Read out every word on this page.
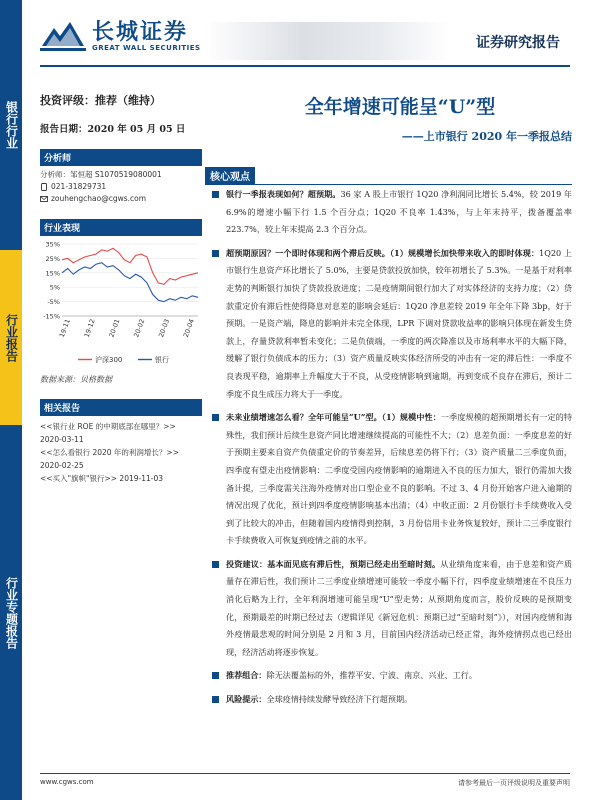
银行行业
行业报告
行业专题报告
长城证券
GREAT WALL SECURITIES	证券研究报告
投资评级：推荐（维持）
报告日期：2020 年 05 月 05 日
分析师
分析师：邹恒超 S1070519080001
021-31829731
zouhengchao@cgws.com
行业表现
35%
25%
15%
5%
-5%
-15%
19-11 19-12 20-01 20-02 20-03 20-04
沪深300	银行
数据来源：贝格数据
相关报告
<<银行业 ROE 的中期底部在哪里？>>
2020-03-11
<<怎么看银行 2020 年的利润增长？>>
2020-02-25
<<买入"旗帜"银行>> 2019-11-03
全年增速可能呈“U”型
——上市银行 2020 年一季报总结
核心观点
银行一季报表现如何？超预期。36 家 A 股上市银行 1Q20 净利润同比增长 5.4%，较 2019 年 6.9%的增速小幅下行 1.5 个百分点；1Q20 不良率 1.43%，与上年末持平，拨备覆盖率 223.7%，较上年末提高 2.3 个百分点。
超预期原因？一个即时体现和两个滞后反映。（1）规模增长加快带来收入的即时体现：1Q20 上市银行生息资产环比增长了 5.0%，主要是贷款投放加快，较年初增长了 5.3%。一是基于对利率走势的判断银行加快了贷款投放进度；二是疫情期间银行加大了对实体经济的支持力度；（2）贷款重定价有滞后性使得降息对息差的影响会延后：1Q20 净息差较 2019 年全年下降 3bp，好于预期。一是资产端，降息的影响并未完全体现，LPR 下调对贷款收益率的影响只体现在新发生贷款上，存量贷款利率暂未变化；二是负债端，一季度的两次降准以及市场利率水平的大幅下降，缓解了银行负债成本的压力；（3）资产质量反映实体经济所受的冲击有一定的滞后性：一季度不良表现平稳，逾期率上升幅度大于不良，从受疫情影响到逾期，再到变成不良存在滞后，预计二季度不良生成压力将大于一季度。
未来业绩增速怎么看？全年可能呈“U”型。（1）规模中性：一季度规模的超预期增长有一定的特殊性，我们预计后续生息资产同比增速继续提高的可能性不大；（2）息差负面：一季度息差的好于预期主要来自资产负债重定价的节奏差异，后续息差仍将下行；（3）资产质量二三季度负面，四季度有望走出疫情影响：二季度受国内疫情影响的逾期进入不良的压力加大，银行仍需加大拨备计提，三季度需关注海外疫情对出口型企业不良的影响。不过 3、4 月份开始客户进入逾期的情况出现了优化，预计到四季度疫情影响基本出清；（4）中收正面：2 月份银行卡手续费收入受到了比较大的冲击，但随着国内疫情得到控制，3 月份信用卡业务恢复较好，预计二三季度银行卡手续费收入可恢复到疫情之前的水平。
投资建议：基本面见底有滞后性，预期已经走出至暗时刻。从业绩角度来看，由于息差和资产质量存在滞后性，我们预计二三季度业绩增速可能较一季度小幅下行，四季度业绩增速在不良压力消化后略为上行，全年利润增速可能呈现“U”型走势；从预期角度而言，股价反映的是预期变化，预期最差的时期已经过去（逻辑详见《新冠危机：预期已过“至暗时刻”》），对国内疫情和海外疫情最悲观的时间分别是 2 月和 3 月，目前国内经济活动已经正常，海外疫情拐点也已经出现，经济活动将逐步恢复。
推荐组合：除无法覆盖标的外，推荐平安、宁波、南京、兴业、工行。
风险提示：全球疫情持续发酵导致经济下行超预期。
www.cgws.com	请参考最后一页评级说明及重要声明
